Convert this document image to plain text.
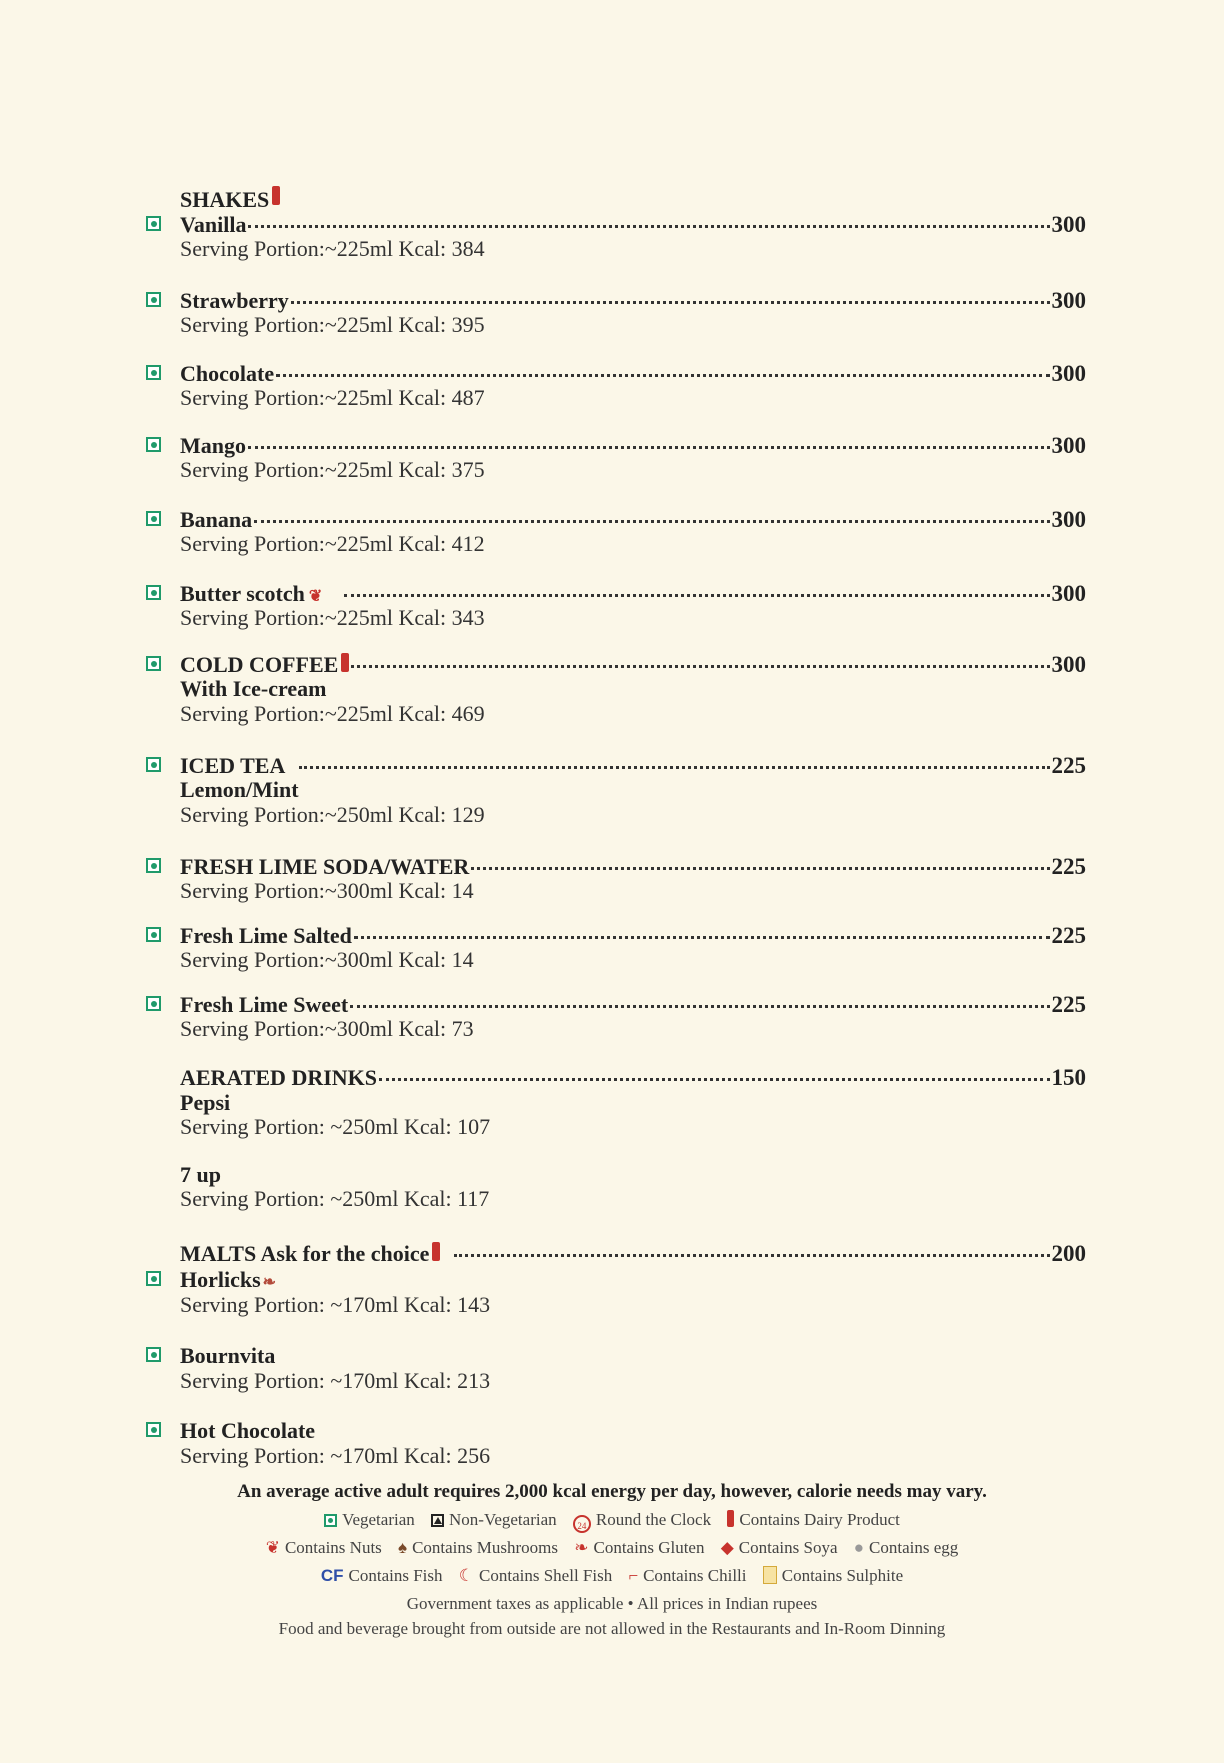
SHAKES
Vanilla	300
Serving Portion:~225ml Kcal: 384
Strawberry	300
Serving Portion:~225ml Kcal: 395
Chocolate	300
Serving Portion:~225ml Kcal: 487
Mango	300
Serving Portion:~225ml Kcal: 375
Banana	300
Serving Portion:~225ml Kcal: 412
Butter scotch ❦	300
Serving Portion:~225ml Kcal: 343
COLD COFFEE	300
With Ice-cream
Serving Portion:~225ml Kcal: 469
ICED TEA	225
Lemon/Mint
Serving Portion:~250ml Kcal: 129
FRESH LIME SODA/WATER	225
Serving Portion:~300ml Kcal: 14
Fresh Lime Salted	225
Serving Portion:~300ml Kcal: 14
Fresh Lime Sweet	225
Serving Portion:~300ml Kcal: 73
AERATED DRINKS	150
Pepsi
Serving Portion: ~250ml Kcal: 107
7 up
Serving Portion: ~250ml Kcal: 117
MALTS Ask for the choice	200
Horlicks ❧
Serving Portion: ~170ml Kcal: 143
Bournvita
Serving Portion: ~170ml Kcal: 213
Hot Chocolate
Serving Portion: ~170ml Kcal: 256
An average active adult requires 2,000 kcal energy per day, however, calorie needs may vary.
Vegetarian Non-Vegetarian 24 Round the Clock Contains Dairy Product
❦ Contains Nuts ♠ Contains Mushrooms ❧ Contains Gluten ◆ Contains Soya ● Contains egg
CF Contains Fish ☾ Contains Shell Fish ⌐ Contains Chilli Contains Sulphite
Government taxes as applicable • All prices in Indian rupees
Food and beverage brought from outside are not allowed in the Restaurants and In-Room Dinning
